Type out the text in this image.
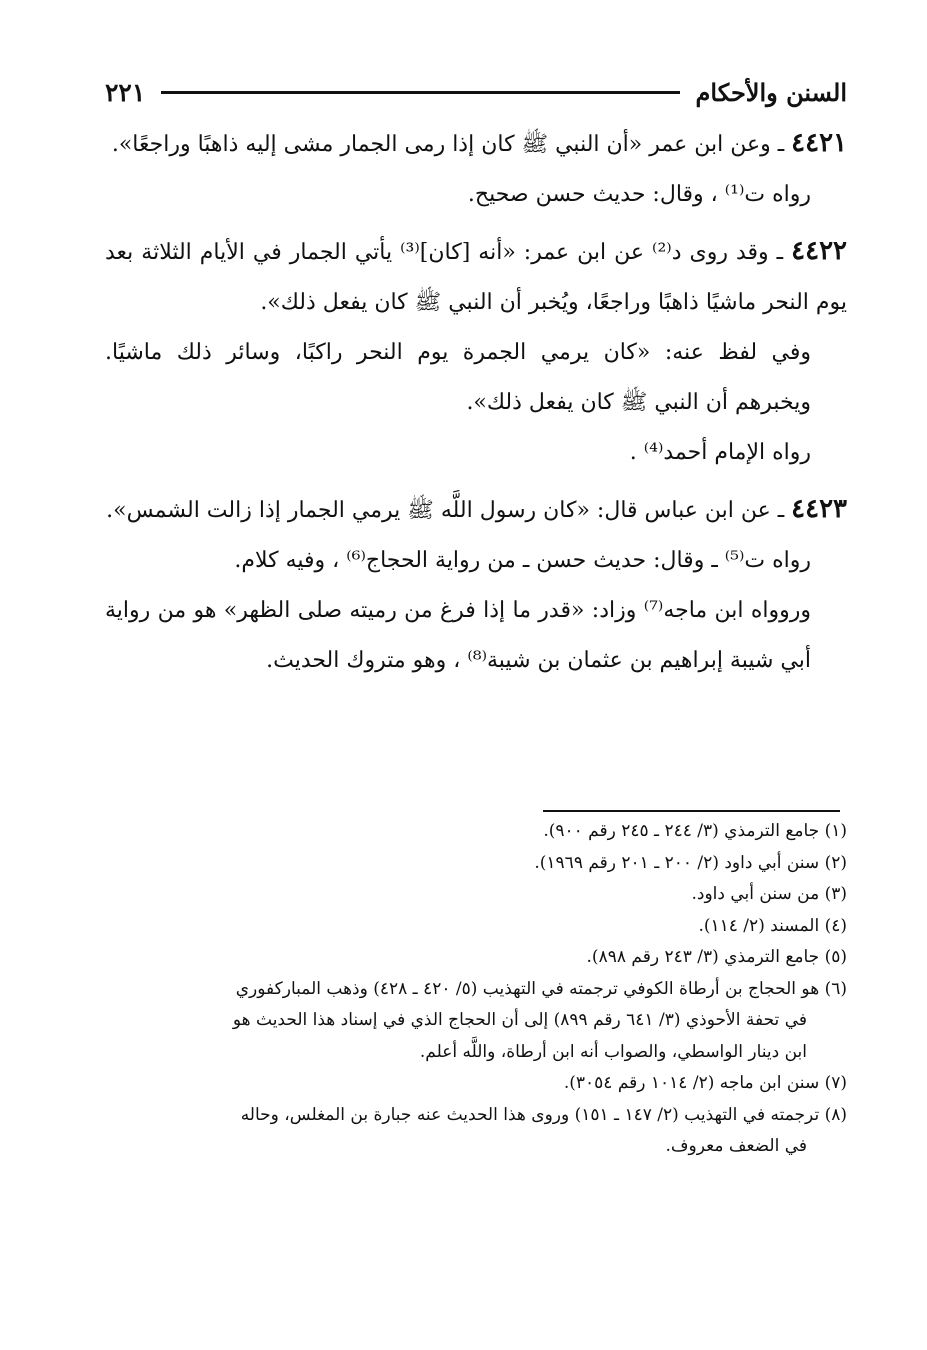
السنن والأحكام
٢٢١

٤٤٢١ ـ وعن ابن عمر «أن النبي ﷺ كان إذا رمى الجمار مشى إليه ذاهبًا وراجعًا».

رواه ت⁽¹⁾ ، وقال: حديث حسن صحيح.

٤٤٢٢ ـ وقد روى د⁽²⁾ عن ابن عمر: «أنه [كان]⁽³⁾ يأتي الجمار في الأيام الثلاثة بعد يوم النحر ماشيًا ذاهبًا وراجعًا، ويُخبر أن النبي ﷺ كان يفعل ذلك».

وفي لفظ عنه: «كان يرمي الجمرة يوم النحر راكبًا، وسائر ذلك ماشيًا. ويخبرهم أن النبي ﷺ كان يفعل ذلك».

رواه الإمام أحمد⁽⁴⁾ .

٤٤٢٣ ـ عن ابن عباس قال: «كان رسول اللَّه ﷺ يرمي الجمار إذا زالت الشمس».

رواه ت⁽⁵⁾ ـ وقال: حديث حسن ـ من رواية الحجاج⁽⁶⁾ ، وفيه كلام.

وروواه ابن ماجه⁽⁷⁾ وزاد: «قدر ما إذا فرغ من رميته صلى الظهر» هو من رواية أبي شيبة إبراهيم بن عثمان بن شيبة⁽⁸⁾ ، وهو متروك الحديث.

(١) جامع الترمذي (٣/ ٢٤٤ ـ ٢٤٥ رقم ٩٠٠).

(٢) سنن أبي داود (٢/ ٢٠٠ ـ ٢٠١ رقم ١٩٦٩).

(٣) من سنن أبي داود.

(٤) المسند (٢/ ١١٤).

(٥) جامع الترمذي (٣/ ٢٤٣ رقم ٨٩٨).

(٦) هو الحجاج بن أرطاة الكوفي ترجمته في التهذيب (٥/ ٤٢٠ ـ ٤٢٨) وذهب المباركفوري

في تحفة الأحوذي (٣/ ٦٤١ رقم ٨٩٩) إلى أن الحجاج الذي في إسناد هذا الحديث هو

ابن دينار الواسطي، والصواب أنه ابن أرطاة، واللَّه أعلم.

(٧) سنن ابن ماجه (٢/ ١٠١٤ رقم ٣٠٥٤).

(٨) ترجمته في التهذيب (٢/ ١٤٧ ـ ١٥١) وروى هذا الحديث عنه جبارة بن المغلس، وحاله

في الضعف معروف.
